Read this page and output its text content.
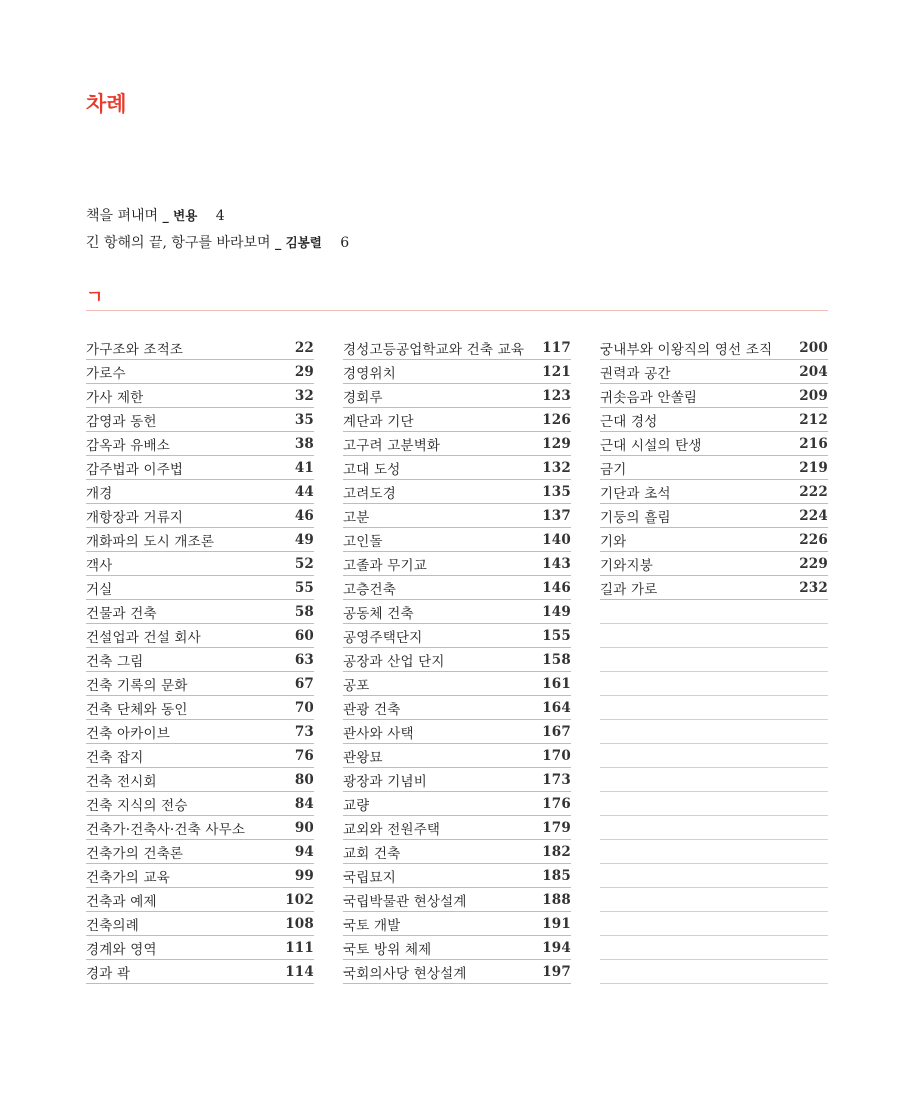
차례
책을 펴내며 _ 변용 4
긴 항해의 끝, 항구를 바라보며 _ 김봉렬 6
ㄱ
가구조와 조적조	22
가로수	29
가사 제한	32
감영과 동헌	35
감옥과 유배소	38
감주법과 이주법	41
개경	44
개항장과 거류지	46
개화파의 도시 개조론	49
객사	52
거실	55
건물과 건축	58
건설업과 건설 회사	60
건축 그림	63
건축 기록의 문화	67
건축 단체와 동인	70
건축 아카이브	73
건축 잡지	76
건축 전시회	80
건축 지식의 전승	84
건축가·건축사·건축 사무소	90
건축가의 건축론	94
건축가의 교육	99
건축과 예제	102
건축의례	108
경계와 영역	111
경과 곽	114
경성고등공업학교와 건축 교육 117
경영위치	121
경회루	123
계단과 기단	126
고구려 고분벽화	129
고대 도성	132
고려도경	135
고분	137
고인돌	140
고졸과 무기교	143
고층건축	146
공동체 건축	149
공영주택단지	155
공장과 산업 단지	158
공포	161
관광 건축	164
관사와 사택	167
관왕묘	170
광장과 기념비	173
교량	176
교외와 전원주택	179
교회 건축	182
국립묘지	185
국립박물관 현상설계	188
국토 개발	191
국토 방위 체제	194
국회의사당 현상설계	197
궁내부와 이왕직의 영선 조직 200
권력과 공간	204
귀솟음과 안쏠림	209
근대 경성	212
근대 시설의 탄생	216
금기	219
기단과 초석	222
기둥의 흘림	224
기와	226
기와지붕	229
길과 가로	232
